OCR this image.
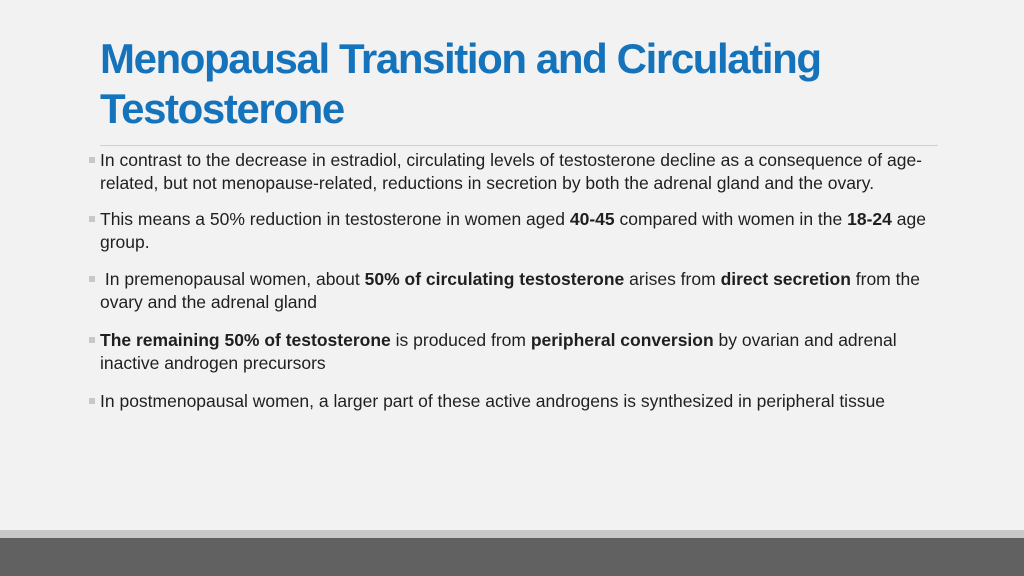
Menopausal Transition and Circulating Testosterone
In contrast to the decrease in estradiol, circulating levels of testosterone decline as a consequence of age-related, but not menopause-related, reductions in secretion by both the adrenal gland and the ovary.
This means a 50% reduction in testosterone in women aged 40-45 compared with women in the 18-24 age group.
In premenopausal women, about 50% of circulating testosterone arises from direct secretion from the ovary and the adrenal gland
The remaining 50% of testosterone is produced from peripheral conversion by ovarian and adrenal inactive androgen precursors
In postmenopausal women, a larger part of these active androgens is synthesized in peripheral tissue
